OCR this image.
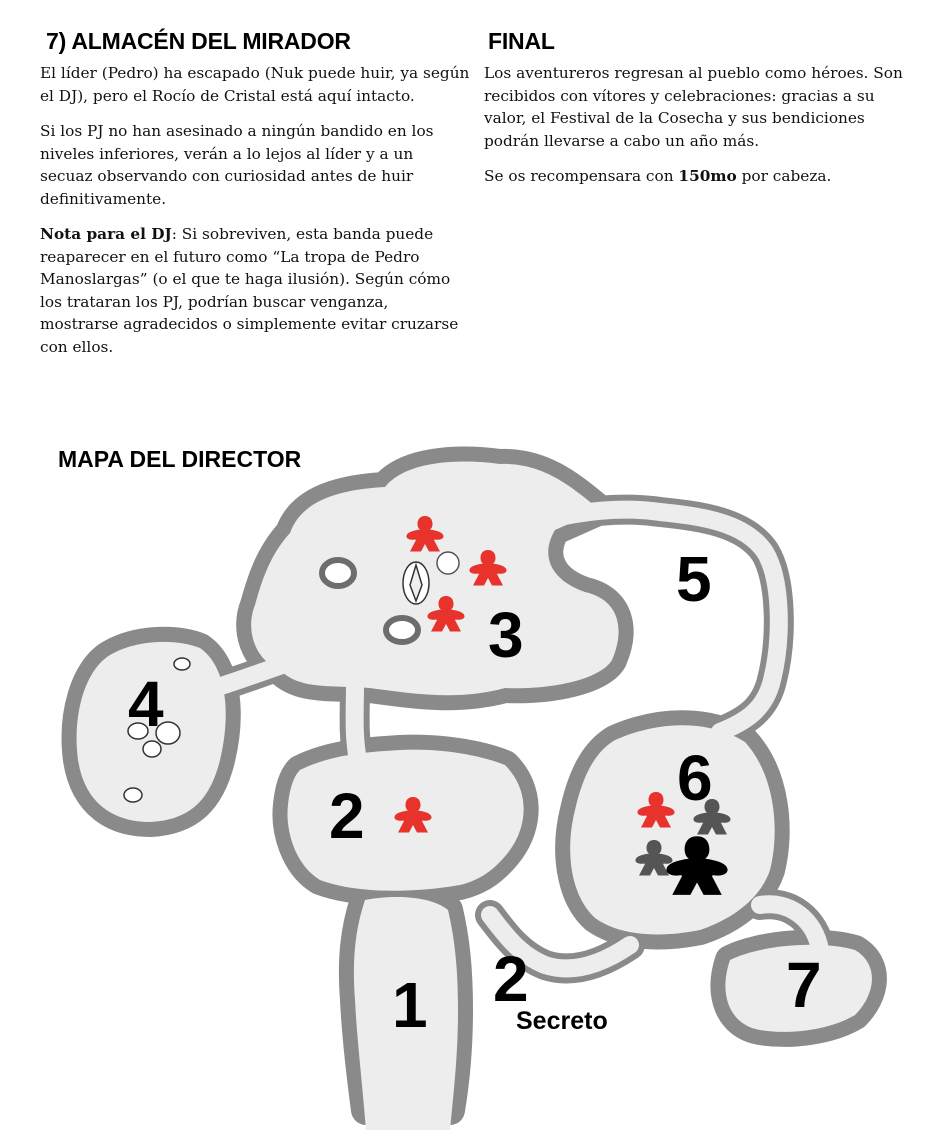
7) ALMACÉN DEL MIRADOR	FINAL

El líder (Pedro) ha escapado (Nuk puede huir, ya según el DJ), pero el Rocío de Cristal está aquí intacto.

Si los PJ no han asesinado a ningún bandido en los niveles inferiores, verán a lo lejos al líder y a un secuaz observando con curiosidad antes de huir definitivamente.

Nota para el DJ: Si sobreviven, esta banda puede reaparecer en el futuro como “La tropa de Pedro Manoslargas” (o el que te haga ilusión). Según cómo los trataran los PJ, podrían buscar venganza, mostrarse agradecidos o simplemente evitar cruzarse con ellos.

Los aventureros regresan al pueblo como héroes. Son recibidos con vítores y celebraciones: gracias a su valor, el Festival de la Cosecha y sus bendiciones podrán llevarse a cabo un año más.

Se os recompensara con 150mo por cabeza.

3
5
4
2
6
7
1 2
Secreto
MAPA DEL DIRECTOR
